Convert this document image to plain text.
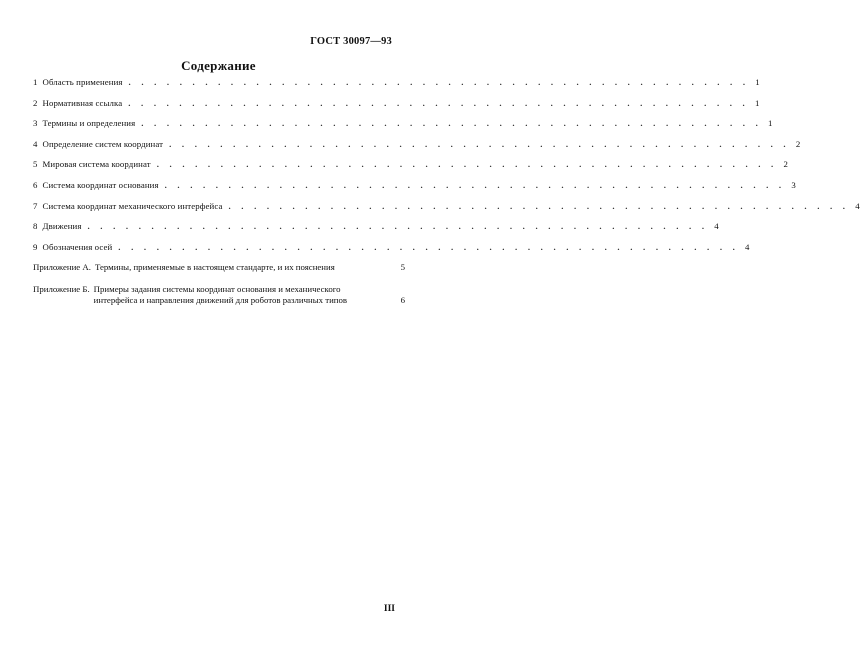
ГОСТ 30097—93
Содержание
1 Область применения . . . . . . . . . . . . . . . . . . . . . . . . . . . . . . . . . . . . . . . . . . . . . . . . . 1
2 Нормативная ссылка . . . . . . . . . . . . . . . . . . . . . . . . . . . . . . . . . . . . . . . . . . . . . . . . . 1
3 Термины и определения . . . . . . . . . . . . . . . . . . . . . . . . . . . . . . . . . . . . . . . . . . . . . . . . . 1
4 Определение систем координат . . . . . . . . . . . . . . . . . . . . . . . . . . . . . . . . . . . . . . . . . . . . . . . . . 2
5 Мировая система координат . . . . . . . . . . . . . . . . . . . . . . . . . . . . . . . . . . . . . . . . . . . . . . . . . 2
6 Система координат основания . . . . . . . . . . . . . . . . . . . . . . . . . . . . . . . . . . . . . . . . . . . . . . . . . 3
7 Система координат механического интерфейса . . . . . . . . . . . . . . . . . . . . . . . . . . . . . . . . . . . . . . . . . . . . . . . . . 4
8 Движения . . . . . . . . . . . . . . . . . . . . . . . . . . . . . . . . . . . . . . . . . . . . . . . . . 4
9 Обозначения осей . . . . . . . . . . . . . . . . . . . . . . . . . . . . . . . . . . . . . . . . . . . . . . . . . 4
Приложение А. Термины, применяемые в настоящем стандарте, и их пояснения	5
Приложение Б. Примеры задания системы координат основания и механического
интерфейса и направления движений для роботов различных типов	6
III
